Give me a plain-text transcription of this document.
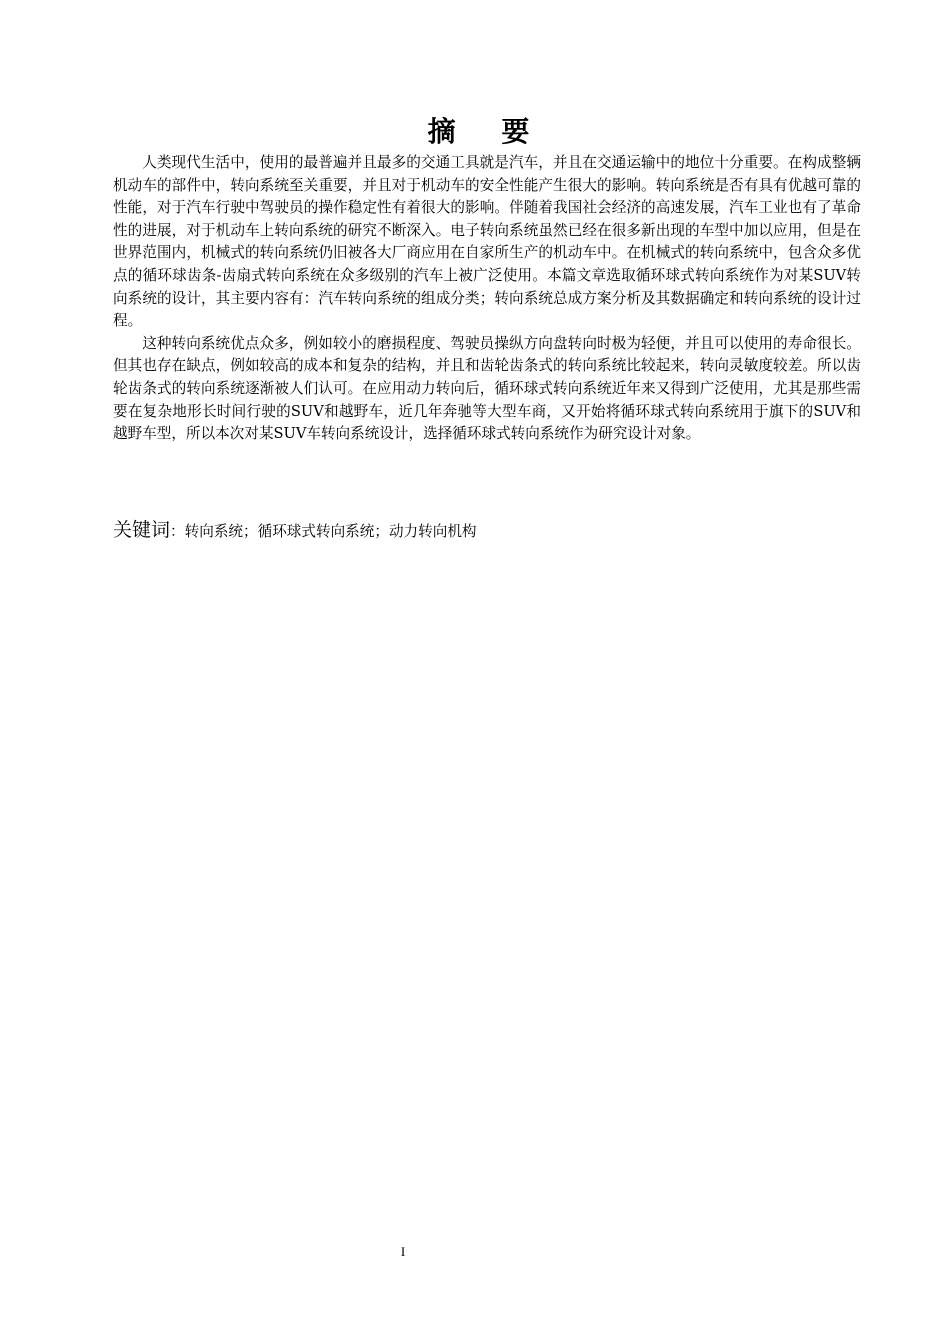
摘 要

人类现代生活中，使用的最普遍并且最多的交通工具就是汽车，并且在交通运输中的地位十分重要。在构成整辆机动车的部件中，转向系统至关重要，并且对于机动车的安全性能产生很大的影响。转向系统是否有具有优越可靠的性能，对于汽车行驶中驾驶员的操作稳定性有着很大的影响。伴随着我国社会经济的高速发展，汽车工业也有了革命性的进展，对于机动车上转向系统的研究不断深入。电子转向系统虽然已经在很多新出现的车型中加以应用，但是在世界范围内，机械式的转向系统仍旧被各大厂商应用在自家所生产的机动车中。在机械式的转向系统中，包含众多优点的循环球齿条-齿扇式转向系统在众多级别的汽车上被广泛使用。本篇文章选取循环球式转向系统作为对某SUV转向系统的设计，其主要内容有：汽车转向系统的组成分类；转向系统总成方案分析及其数据确定和转向系统的设计过程。

这种转向系统优点众多，例如较小的磨损程度、驾驶员操纵方向盘转向时极为轻便，并且可以使用的寿命很长。但其也存在缺点，例如较高的成本和复杂的结构，并且和齿轮齿条式的转向系统比较起来，转向灵敏度较差。所以齿轮齿条式的转向系统逐渐被人们认可。在应用动力转向后，循环球式转向系统近年来又得到广泛使用，尤其是那些需要在复杂地形长时间行驶的SUV和越野车，近几年奔驰等大型车商，又开始将循环球式转向系统用于旗下的SUV和越野车型，所以本次对某SUV车转向系统设计，选择循环球式转向系统作为研究设计对象。

关键词：转向系统；循环球式转向系统；动力转向机构
I
